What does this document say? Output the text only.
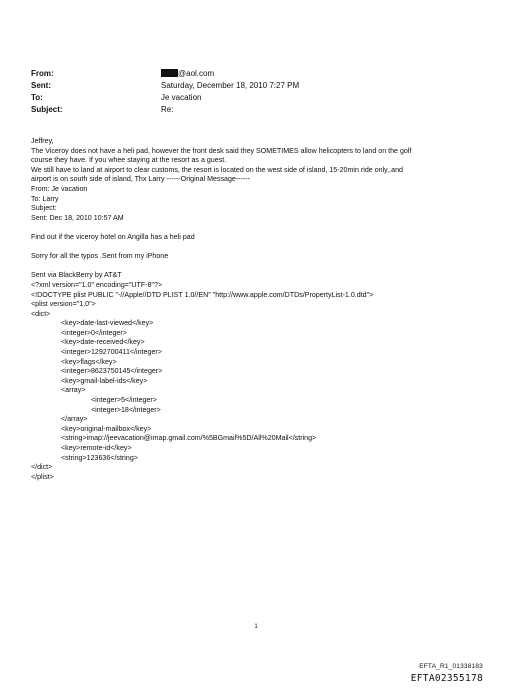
From:	@aol.com
Sent:	Saturday, December 18, 2010 7:27 PM
To:	Je vacation
Subject:	Re:
Jeffrey,
The Viceroy does not have a heli pad, however the front desk said they SOMETIMES allow helicopters to land on the golf
course they have. If you whee staying at the resort as a guest.
We still have to land at airport to clear customs, the resort is located on the west side of island, 15-20min ride only,.and
airport is on south side of island, Thx Larry ------Original Message------
From: Je vacation
To: Larry
Subject:
Sent: Dec 18, 2010 10:57 AM
Find out if the viceroy hotel on Angilla has a heli pad
Sorry for all the typos .Sent from my iPhone
Sent via BlackBerry by AT&T
<?xml version="1.0" encoding="UTF-8"?>
<!DOCTYPE plist PUBLIC "-//Apple//DTD PLIST 1.0//EN" "http://www.apple.com/DTDs/PropertyList-1.0.dtd">
<plist version="1.0">
<dict>
<key>date-last-viewed</key>
<integer>0</integer>
<key>date-received</key>
<integer>1292700411</integer>
<key>flags</key>
<integer>8623750145</integer>
<key>gmail-label-ids</key>
<array>
<integer>5</integer>
<integer>18</integer>
</array>
<key>original-mailbox</key>
<string>imap://jeevacation@imap.gmail.com/%5BGmail%5D/All%20Mail</string>
<key>remote-id</key>
<string>123636</string>
</dict>
</plist>
1
EFTA_R1_01338183
EFTA02355178
